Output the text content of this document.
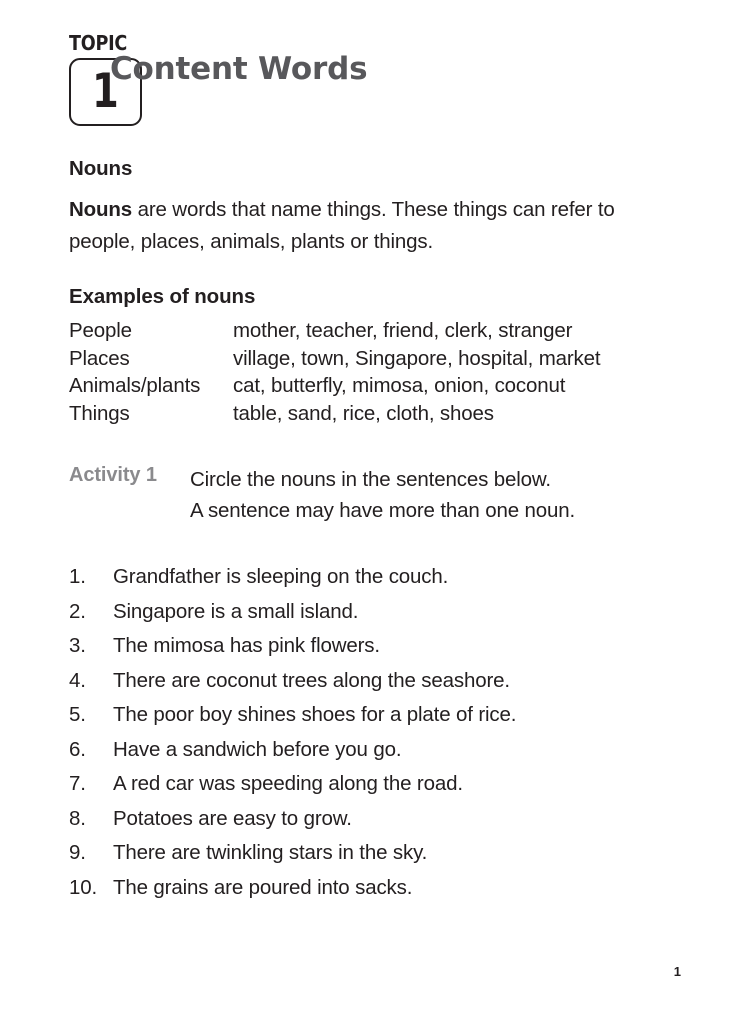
TOPIC
1
Content Words
Nouns
Nouns are words that name things. These things can refer to people, places, animals, plants or things.
Examples of nouns
People	mother, teacher, friend, clerk, stranger
Places	village, town, Singapore, hospital, market
Animals/plants	cat, butterfly, mimosa, onion, coconut
Things	table, sand, rice, cloth, shoes
Activity 1 Circle the nouns in the sentences below.
A sentence may have more than one noun.
1.	Grandfather is sleeping on the couch.
2.	Singapore is a small island.
3.	The mimosa has pink flowers.
4.	There are coconut trees along the seashore.
5.	The poor boy shines shoes for a plate of rice.
6.	Have a sandwich before you go.
7.	A red car was speeding along the road.
8.	Potatoes are easy to grow.
9.	There are twinkling stars in the sky.
10. The grains are poured into sacks.
1
